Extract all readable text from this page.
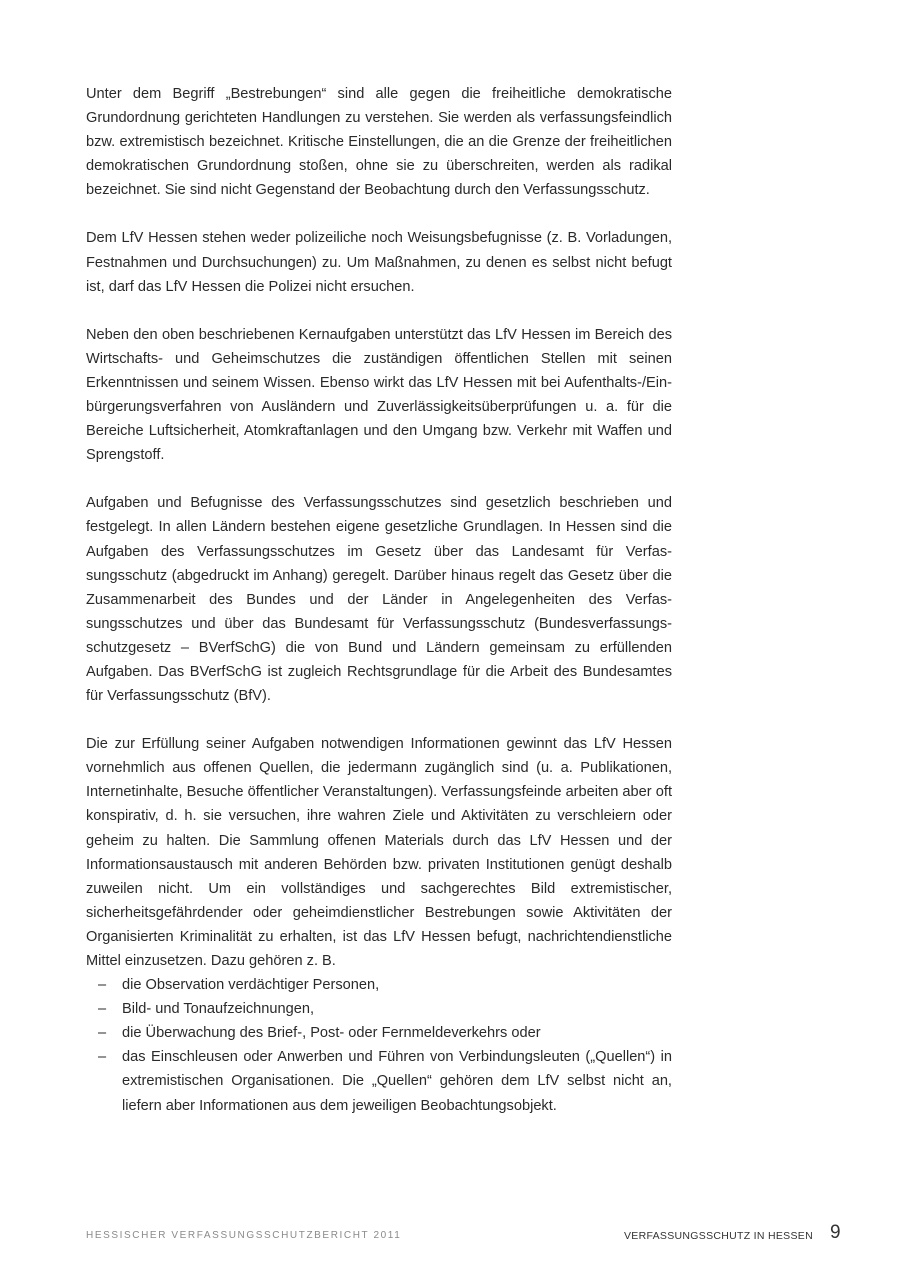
Unter dem Begriff „Bestrebungen“ sind alle gegen die freiheitliche demokratische Grundordnung gerichteten Handlungen zu verstehen. Sie werden als verfassungsfeindlich bzw. extremistisch bezeichnet. Kritische Einstellungen, die an die Grenze der freiheitlichen demokratischen Grundordnung stoßen, ohne sie zu überschreiten, werden als radikal bezeichnet. Sie sind nicht Gegenstand der Beobachtung durch den Verfassungsschutz.

Dem LfV Hessen stehen weder polizeiliche noch Weisungsbefugnisse (z. B. Vorladungen, Festnahmen und Durchsuchungen) zu. Um Maßnahmen, zu denen es selbst nicht befugt ist, darf das LfV Hessen die Polizei nicht ersuchen.

Neben den oben beschriebenen Kernaufgaben unterstützt das LfV Hessen im Bereich des Wirtschafts- und Geheimschutzes die zuständigen öffentlichen Stellen mit seinen Erkenntnissen und seinem Wissen. Ebenso wirkt das LfV Hessen mit bei Aufenthalts-/Einbürgerungsverfahren von Ausländern und Zuverlässigkeitsüberprüfungen u. a. für die Bereiche Luftsicherheit, Atomkraftanlagen und den Umgang bzw. Verkehr mit Waffen und Sprengstoff.

Aufgaben und Befugnisse des Verfassungsschutzes sind gesetzlich beschrieben und festgelegt. In allen Ländern bestehen eigene gesetzliche Grundlagen. In Hessen sind die Aufgaben des Verfassungsschutzes im Gesetz über das Landesamt für Verfassungsschutz (abgedruckt im Anhang) geregelt. Darüber hinaus regelt das Gesetz über die Zusammenarbeit des Bundes und der Länder in Angelegenheiten des Verfassungsschutzes und über das Bundesamt für Verfassungsschutz (Bundesverfassungsschutzgesetz – BVerfSchG) die von Bund und Ländern gemeinsam zu erfüllenden Aufgaben. Das BVerfSchG ist zugleich Rechtsgrundlage für die Arbeit des Bundesamtes für Verfassungsschutz (BfV).

Die zur Erfüllung seiner Aufgaben notwendigen Informationen gewinnt das LfV Hessen vornehmlich aus offenen Quellen, die jedermann zugänglich sind (u. a. Publikationen, Internetinhalte, Besuche öffentlicher Veranstaltungen). Verfassungsfeinde arbeiten aber oft konspirativ, d. h. sie versuchen, ihre wahren Ziele und Aktivitäten zu verschleiern oder geheim zu halten. Die Sammlung offenen Materials durch das LfV Hessen und der Informationsaustausch mit anderen Behörden bzw. privaten Institutionen genügt deshalb zuweilen nicht. Um ein vollständiges und sachgerechtes Bild extremistischer, sicherheitsgefährdender oder geheimdienstlicher Bestrebungen sowie Aktivitäten der Organisierten Kriminalität zu erhalten, ist das LfV Hessen befugt, nachrichtendienstliche Mittel einzusetzen. Dazu gehören z. B.

– die Observation verdächtiger Personen,
– Bild- und Tonaufzeichnungen,
– die Überwachung des Brief-, Post- oder Fernmeldeverkehrs oder
– das Einschleusen oder Anwerben und Führen von Verbindungsleuten („Quellen“) in extremistischen Organisationen. Die „Quellen“ gehören dem LfV selbst nicht an, liefern aber Informationen aus dem jeweiligen Beobachtungsobjekt.
HESSISCHER VERFASSUNGSSCHUTZBERICHT 2011	VERFASSUNGSSCHUTZ IN HESSEN 9
